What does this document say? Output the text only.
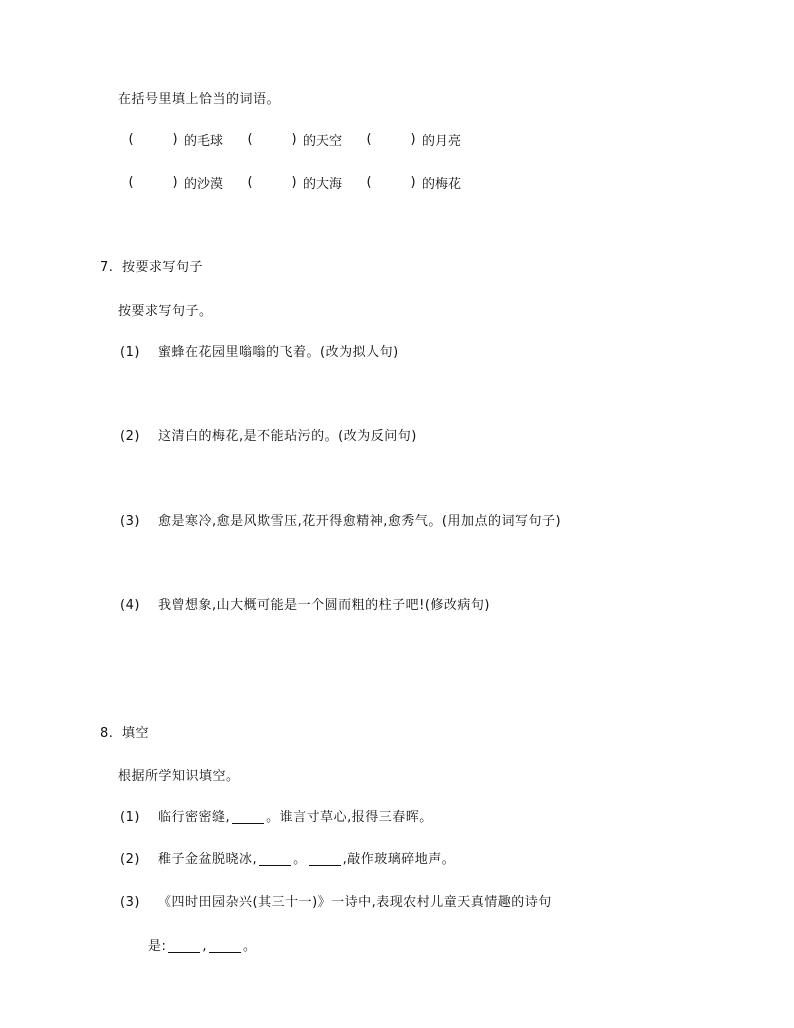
在括号里填上恰当的词语。
(	) 的毛球 (	) 的天空 (	) 的月亮
(	) 的沙漠 (	) 的大海 (	) 的梅花
7. 按要求写句子
按要求写句子。
(1) 蜜蜂在花园里嗡嗡的飞着。(改为拟人句)
(2) 这清白的梅花,是不能玷污的。(改为反问句)
(3) 愈是寒冷,愈是风欺雪压,花开得愈精神,愈秀气。(用加点的词写句子)
(4) 我曾想象,山大概可能是一个圆而粗的柱子吧!(修改病句)
8. 填空
根据所学知识填空。
(1) 临行密密缝,	。谁言寸草心,报得三春晖。
(2) 稚子金盆脱晓冰,	。	,敲作玻璃碎地声。
(3) 《四时田园杂兴(其三十一)》一诗中,表现农村儿童天真情趣的诗句
是:	,	。
